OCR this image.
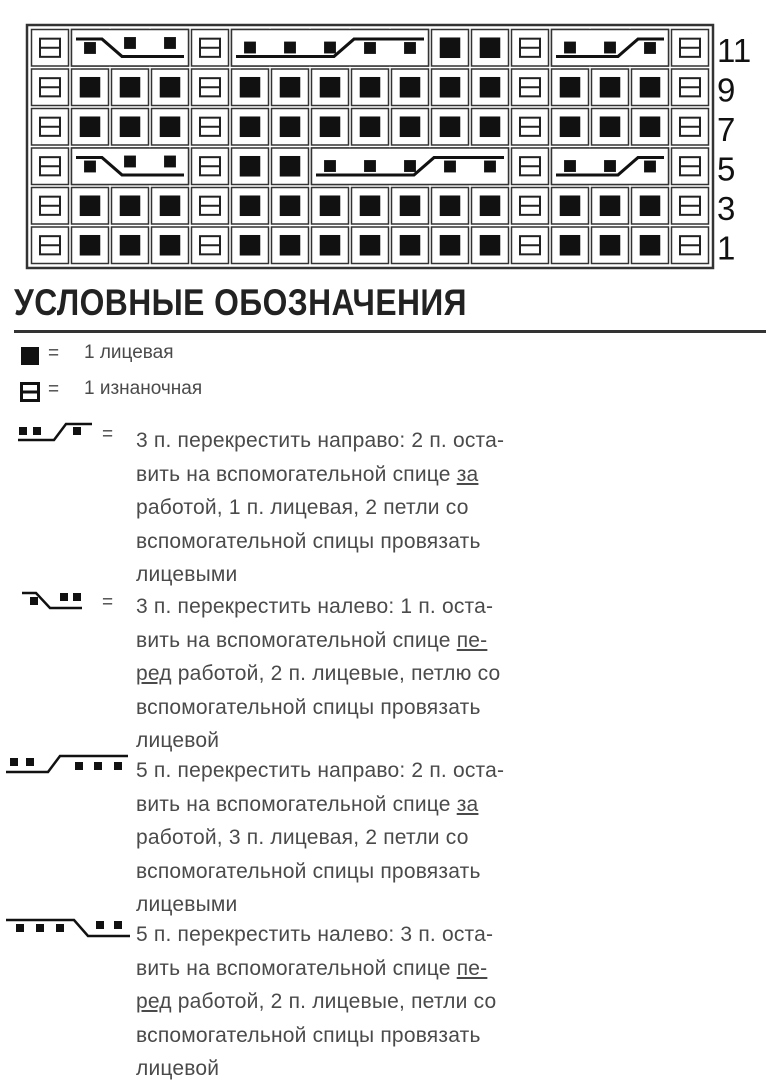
11
9
7
5
3
1
УСЛОВНЫЕ ОБОЗНАЧЕНИЯ
= 1 лицевая
= 1 изнаночная
= 3 п. перекрестить направо: 2 п. оста-
вить на вспомогательной спице за
работой, 1 п. лицевая, 2 петли со
вспомогательной спицы провязать
лицевыми
= 3 п. перекрестить налево: 1 п. оста-
вить на вспомогательной спице пе-
ред работой, 2 п. лицевые, петлю со
вспомогательной спицы провязать
лицевой
5 п. перекрестить направо: 2 п. оста-
вить на вспомогательной спице за
работой, 3 п. лицевая, 2 петли со
вспомогательной спицы провязать
лицевыми
5 п. перекрестить налево: 3 п. оста-
вить на вспомогательной спице пе-
ред работой, 2 п. лицевые, петли со
вспомогательной спицы провязать
лицевой
